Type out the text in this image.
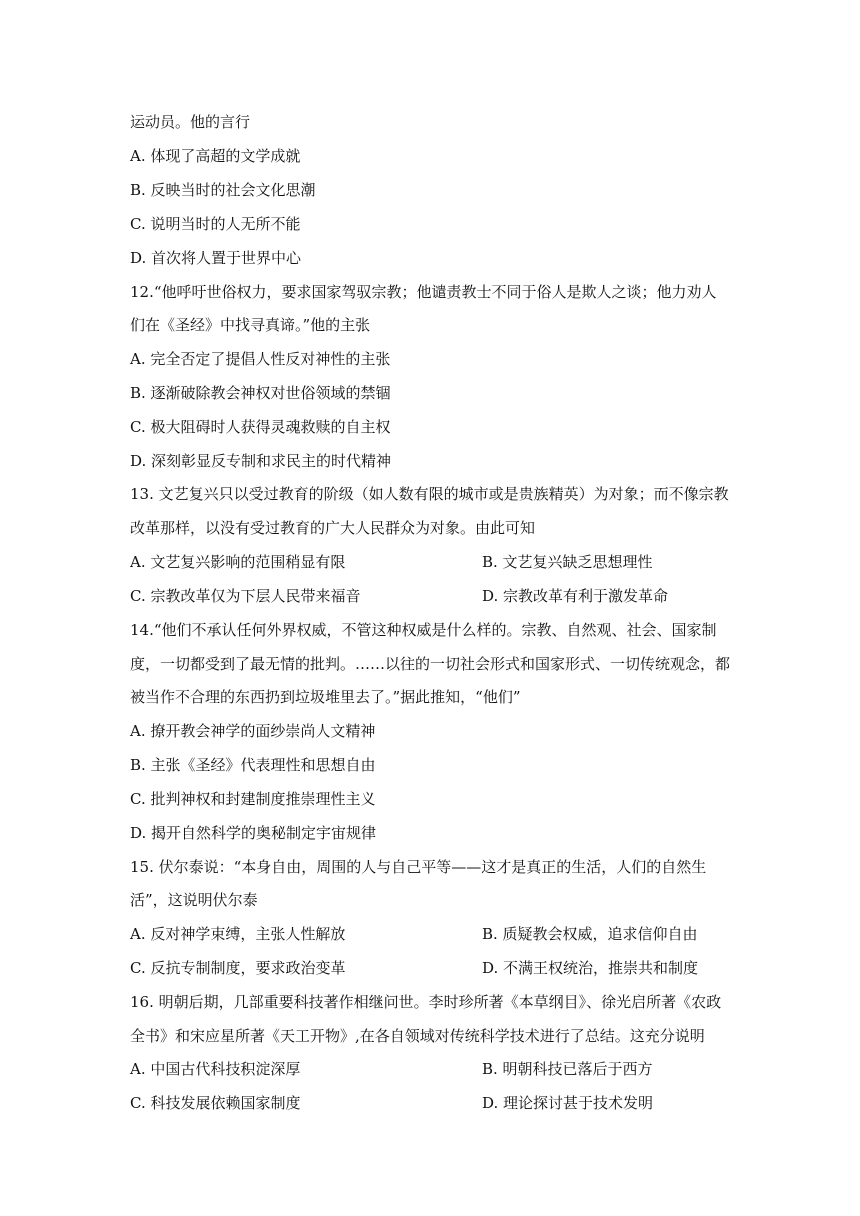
运动员。他的言行
A. 体现了高超的文学成就
B. 反映当时的社会文化思潮
C. 说明当时的人无所不能
D. 首次将人置于世界中心
12.“他呼吁世俗权力，要求国家驾驭宗教；他谴责教士不同于俗人是欺人之谈；他力劝人
们在《圣经》中找寻真谛。”他的主张
A. 完全否定了提倡人性反对神性的主张
B. 逐渐破除教会神权对世俗领域的禁锢
C. 极大阻碍时人获得灵魂救赎的自主权
D. 深刻彰显反专制和求民主的时代精神
13. 文艺复兴只以受过教育的阶级（如人数有限的城市或是贵族精英）为对象；而不像宗教
改革那样，以没有受过教育的广大人民群众为对象。由此可知
A. 文艺复兴影响的范围稍显有限	B. 文艺复兴缺乏思想理性
C. 宗教改革仅为下层人民带来福音	D. 宗教改革有利于激发革命
14.“他们不承认任何外界权威，不管这种权威是什么样的。宗教、自然观、社会、国家制
度，一切都受到了最无情的批判。……以往的一切社会形式和国家形式、一切传统观念，都
被当作不合理的东西扔到垃圾堆里去了。”据此推知，“他们”
A. 撩开教会神学的面纱崇尚人文精神
B. 主张《圣经》代表理性和思想自由
C. 批判神权和封建制度推崇理性主义
D. 揭开自然科学的奥秘制定宇宙规律
15. 伏尔泰说：“本身自由，周围的人与自己平等——这才是真正的生活，人们的自然生
活”，这说明伏尔泰
A. 反对神学束缚，主张人性解放	B. 质疑教会权威，追求信仰自由
C. 反抗专制制度，要求政治变革	D. 不满王权统治，推崇共和制度
16. 明朝后期，几部重要科技著作相继问世。李时珍所著《本草纲目》、徐光启所著《农政
全书》和宋应星所著《天工开物》,在各自领域对传统科学技术进行了总结。这充分说明
A. 中国古代科技积淀深厚	B. 明朝科技已落后于西方
C. 科技发展依赖国家制度	D. 理论探讨甚于技术发明
